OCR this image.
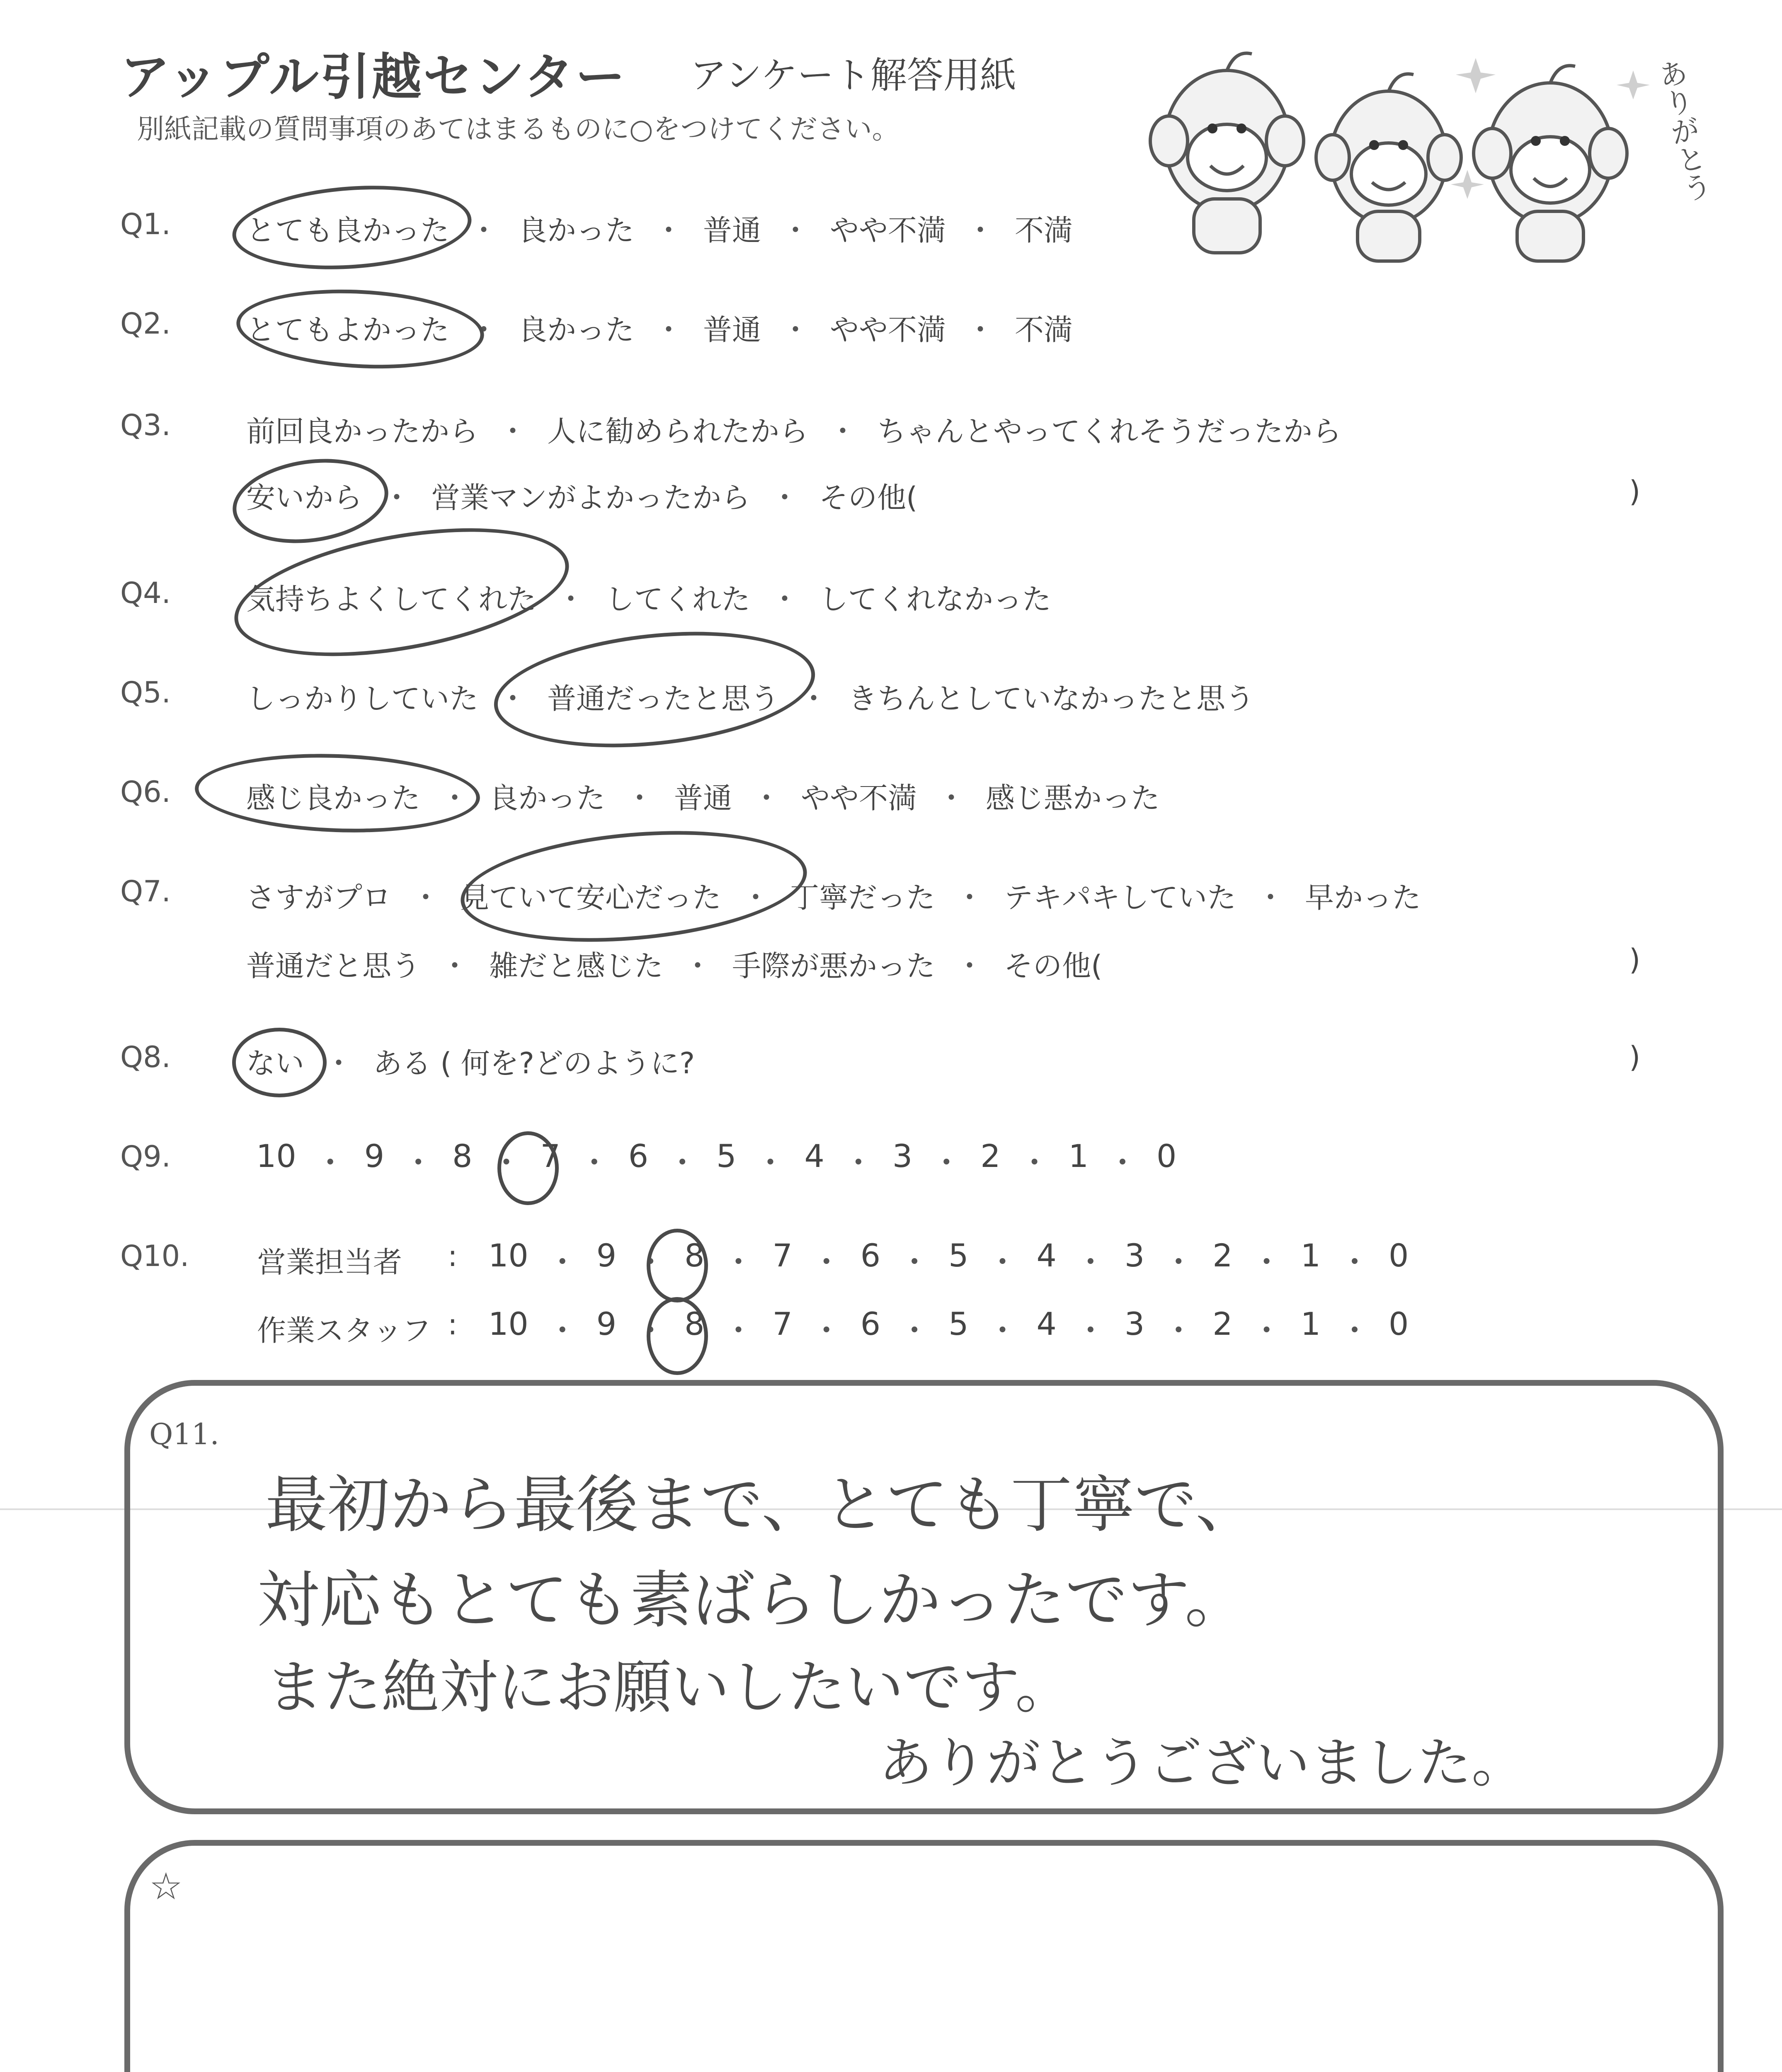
アップル引越センター アンケート解答用紙
別紙記載の質問事項のあてはまるものに○をつけてください。	ありがとう
Q1.	とても良かった ・ 良かった ・ 普通 ・ やや不満 ・ 不満
Q2.	とてもよかった ・ 良かった ・ 普通 ・ やや不満 ・ 不満
Q3.	前回良かったから ・ 人に勧められたから ・ ちゃんとやってくれそうだったから
安いから ・ 営業マンがよかったから ・ その他(	)
Q4.	気持ちよくしてくれた ・ してくれた ・ してくれなかった
Q5.	しっかりしていた ・ 普通だったと思う ・ きちんとしていなかったと思う
Q6.	感じ良かった ・ 良かった ・ 普通 ・ やや不満 ・ 感じ悪かった
Q7.	さすがプロ ・ 見ていて安心だった ・ 丁寧だった ・ テキパキしていた ・ 早かった
普通だと思う ・ 雑だと感じた ・ 手際が悪かった ・ その他(	)
Q8.	ない ・ ある ( 何を?どのように?	)
Q9.	10 ・ 9 ・ 8 ・ 7 ・ 6 ・ 5 ・ 4 ・ 3 ・ 2 ・ 1 ・ 0
Q10. 営業担当者 : 10 ・ 9 ・ 8 ・ 7 ・ 6 ・ 5 ・ 4 ・ 3 ・ 2 ・ 1 ・ 0
作業スタッフ : 10 ・ 9 ・ 8 ・ 7 ・ 6 ・ 5 ・ 4 ・ 3 ・ 2 ・ 1 ・ 0
Q11.
最初から最後まで、とても丁寧で、
対応もとても素ばらしかったです。
また絶対にお願いしたいです。
ありがとうございました。
☆
